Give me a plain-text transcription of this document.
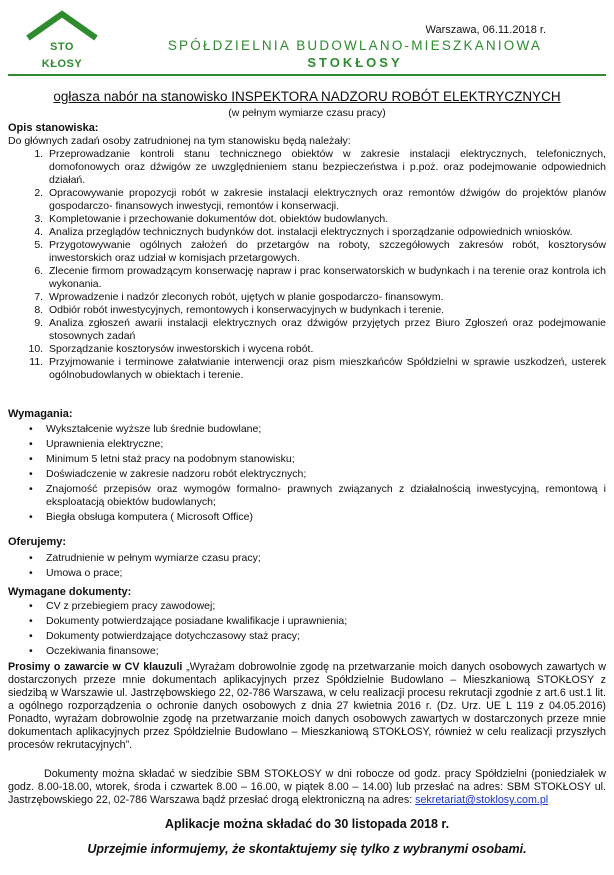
STO
KŁOSY
Warszawa, 06.11.2018 r.
SPÓŁDZIELNIA BUDOWLANO-MIESZKANIOWA
STOKŁOSY
ogłasza nabór na stanowisko INSPEKTORA NADZORU ROBÓT ELEKTRYCZNYCH
(w pełnym wymiarze czasu pracy)
Opis stanowiska:
Do głównych zadań osoby zatrudnionej na tym stanowisku będą należały:
1. Przeprowadzanie kontroli stanu technicznego obiektów w zakresie instalacji elektrycznych, telefonicznych, domofonowych oraz dźwigów ze uwzględnieniem stanu bezpieczeństwa i p.poż. oraz podejmowanie odpowiednich działań.
2. Opracowywanie propozycji robót w zakresie instalacji elektrycznych oraz remontów dźwigów do projektów planów gospodarczo- finansowych inwestycji, remontów i konserwacji.
3. Kompletowanie i przechowanie dokumentów dot. obiektów budowlanych.
4. Analiza przeglądów technicznych budynków dot. instalacji elektrycznych i sporządzanie odpowiednich wniosków.
5. Przygotowywanie ogólnych założeń do przetargów na roboty, szczegółowych zakresów robót, kosztorysów inwestorskich oraz udział w komisjach przetargowych.
6. Zlecenie firmom prowadzącym konserwację napraw i prac konserwatorskich w budynkach i na terenie oraz kontrola ich wykonania.
7. Wprowadzenie i nadzór zleconych robót, ujętych w planie gospodarczo- finansowym.
8. Odbiór robót inwestycyjnych, remontowych i konserwacyjnych w budynkach i terenie.
9. Analiza zgłoszeń awarii instalacji elektrycznych oraz dźwigów przyjętych przez Biuro Zgłoszeń oraz podejmowanie stosownych zadań
10. Sporządzanie kosztorysów inwestorskich i wycena robót.
11. Przyjmowanie i terminowe załatwianie interwencji oraz pism mieszkańców Spółdzielni w sprawie uszkodzeń, usterek ogólnobudowlanych w obiektach i terenie.
Wymagania:
• Wykształcenie wyższe lub średnie budowlane;
• Uprawnienia elektryczne;
• Minimum 5 letni staż pracy na podobnym stanowisku;
• Doświadczenie w zakresie nadzoru robót elektrycznych;
• Znajomość przepisów oraz wymogów formalno- prawnych związanych z działalnością inwestycyjną, remontową i eksploatacją obiektów budowlanych;
• Biegła obsługa komputera ( Microsoft Office)
Oferujemy:
• Zatrudnienie w pełnym wymiarze czasu pracy;
• Umowa o prace;
Wymagane dokumenty:
• CV z przebiegiem pracy zawodowej;
• Dokumenty potwierdzające posiadane kwalifikacje i uprawnienia;
• Dokumenty potwierdzające dotychczasowy staż pracy;
• Oczekiwania finansowe;
Prosimy o zawarcie w CV klauzuli „Wyrażam dobrowolnie zgodę na przetwarzanie moich danych osobowych zawartych w dostarczonych przeze mnie dokumentach aplikacyjnych przez Spółdzielnie Budowlano – Mieszkaniową STOKŁOSY z siedzibą w Warszawie ul. Jastrzębowskiego 22, 02-786 Warszawa, w celu realizacji procesu rekrutacji zgodnie z art.6 ust.1 lit. a ogólnego rozporządzenia o ochronie danych osobowych z dnia 27 kwietnia 2016 r. (Dz. Urz. UE L 119 z 04.05.2016) Ponadto, wyrażam dobrowolnie zgodę na przetwarzanie moich danych osobowych zawartych w dostarczonych przeze mnie dokumentach aplikacyjnych przez Spółdzielnie Budowlano – Mieszkaniową STOKŁOSY, również w celu realizacji przyszłych procesów rekrutacyjnych”.
Dokumenty można składać w siedzibie SBM STOKŁOSY w dni robocze od godz. pracy Spółdzielni (poniedziałek w godz. 8.00-18.00, wtorek, środa i czwartek 8.00 – 16.00, w piątek 8.00 – 14.00) lub przesłać na adres: SBM STOKŁOSY ul. Jastrzębowskiego 22, 02-786 Warszawa bądź przesłać drogą elektroniczną na adres: sekretariat@stoklosy.com.pl
Aplikacje można składać do 30 listopada 2018 r.
Uprzejmie informujemy, że skontaktujemy się tylko z wybranymi osobami.
